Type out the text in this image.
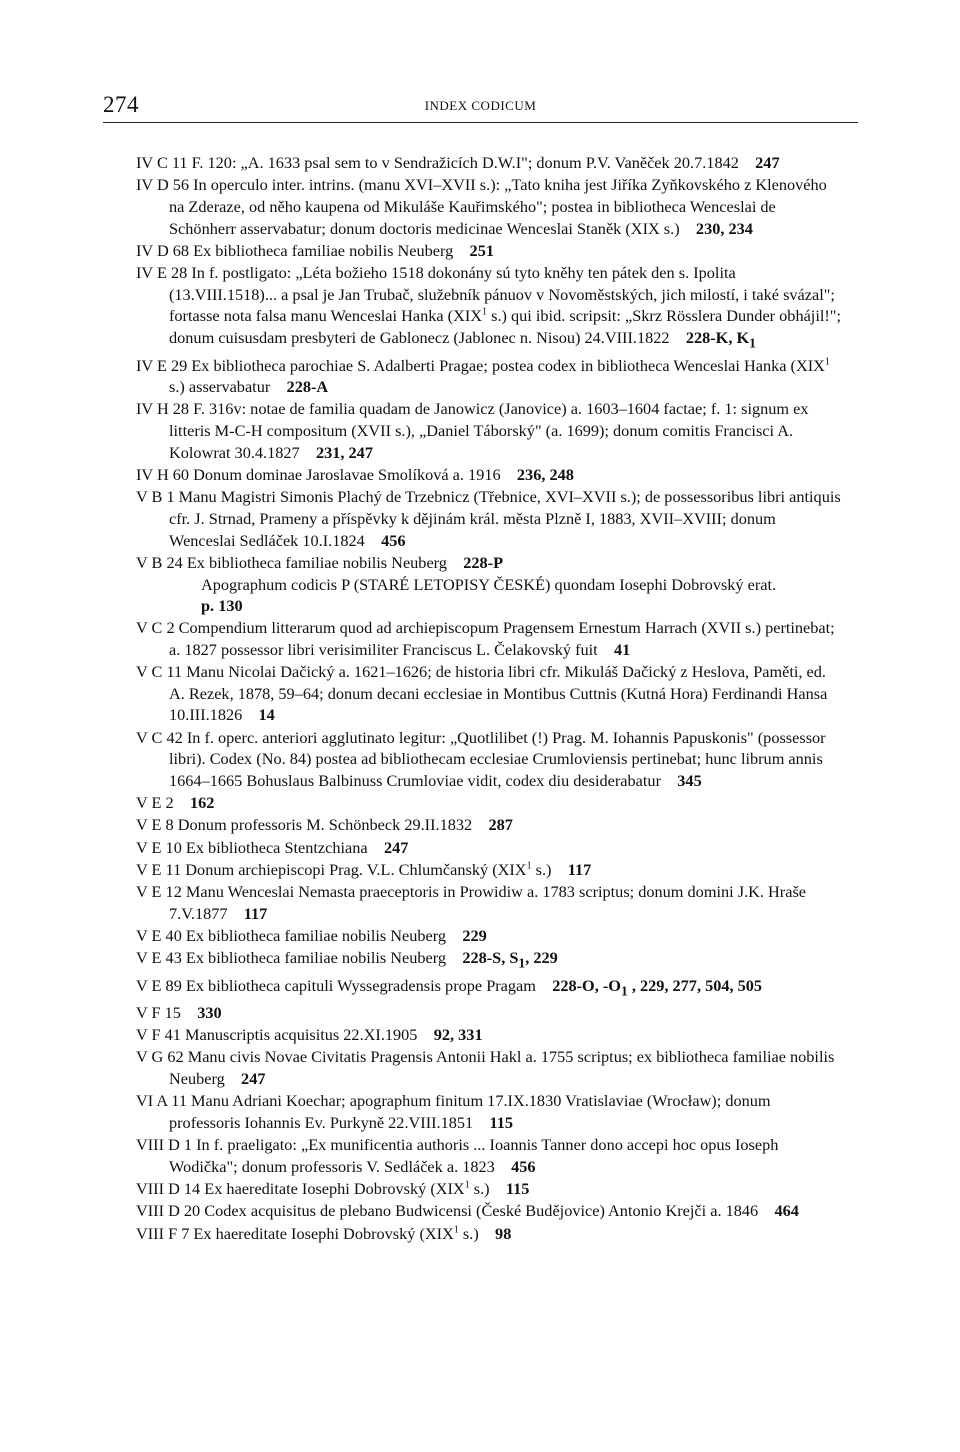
274	INDEX CODICUM

IV C 11 F. 120: „A. 1633 psal sem to v Sendražicích D.W.I"; donum P.V. Vaněček 20.7.1842  247

IV D 56 In operculo inter. intrins. (manu XVI–XVII s.): „Tato kniha jest Jiříka Zyňkovského z Klenového na Zderaze, od něho kaupena od Mikuláše Kauřimského"; postea in bibliotheca Wenceslai de Schönherr asservabatur; donum doctoris medicinae Wenceslai Staněk (XIX s.)  230, 234

IV D 68 Ex bibliotheca familiae nobilis Neuberg  251

IV E 28 In f. postligato: „Léta božieho 1518 dokonány sú tyto kněhy ten pátek den s. Ipolita (13.VIII.1518)... a psal je Jan Trubač, služebník pánuov v Novoměstských, jich milostí, i také svázal"; fortasse nota falsa manu Wenceslai Hanka (XIX$^1$ s.) qui ibid. scripsit: „Skrz Rösslera Dunder obhájil!"; donum cuisusdam presbyteri de Gablonecz (Jablonec n. Nisou) 24.VIII.1822  228-K, $K_1$

IV E 29 Ex bibliotheca parochiae S. Adalberti Pragae; postea codex in bibliotheca Wenceslai Hanka (XIX$^1$ s.) asservabatur  228-A

IV H 28 F. 316v: notae de familia quadam de Janowicz (Janovice) a. 1603–1604 factae; f. 1: signum ex litteris M-C-H compositum (XVII s.), „Daniel Táborský" (a. 1699); donum comitis Francisci A. Kolowrat 30.4.1827  231, 247

IV H 60 Donum dominae Jaroslavae Smolíková a. 1916  236, 248

V B 1 Manu Magistri Simonis Plachý de Trzebnicz (Třebnice, XVI–XVII s.); de possessoribus libri antiquis cfr. J. Strnad, Prameny a příspěvky k dějinám král. města Plzně I, 1883, XVII–XVIII; donum Wenceslai Sedláček 10.I.1824  456

V B 24 Ex bibliotheca familiae nobilis Neuberg  228-P

Apographum codicis P (STARÉ LETOPISY ČESKÉ) quondam Iosephi Dobrovský erat.
p. 130

V C 2 Compendium litterarum quod ad archiepiscopum Pragensem Ernestum Harrach (XVII s.) pertinebat; a. 1827 possessor libri verisimiliter Franciscus L. Čelakovský fuit  41

V C 11 Manu Nicolai Dačický a. 1621–1626; de historia libri cfr. Mikuláš Dačický z Heslova, Paměti, ed. A. Rezek, 1878, 59–64; donum decani ecclesiae in Montibus Cuttnis (Kutná Hora) Ferdinandi Hansa 10.III.1826  14

V C 42 In f. operc. anteriori agglutinato legitur: „Quotlilibet (!) Prag. M. Iohannis Papuskonis" (possessor libri). Codex (No. 84) postea ad bibliothecam ecclesiae Crumloviensis pertinebat; hunc librum annis 1664–1665 Bohuslaus Balbinuss Crumloviae vidit, codex diu desiderabatur  345

V E 2  162

V E 8 Donum professoris M. Schönbeck 29.II.1832  287

V E 10 Ex bibliotheca Stentzchiana  247

V E 11 Donum archiepiscopi Prag. V.L. Chlumčanský (XIX$^1$ s.)  117

V E 12 Manu Wenceslai Nemasta praeceptoris in Prowidiw a. 1783 scriptus; donum domini J.K. Hraše 7.V.1877  117

V E 40 Ex bibliotheca familiae nobilis Neuberg  229

V E 43 Ex bibliotheca familiae nobilis Neuberg  228-S, $S_1$, 229

V E 89 Ex bibliotheca capituli Wyssegradensis prope Pragam  228-O, $-O_1$ , 229, 277, 504, 505

V F 15  330

V F 41 Manuscriptis acquisitus 22.XI.1905  92, 331

V G 62 Manu civis Novae Civitatis Pragensis Antonii Hakl a. 1755 scriptus; ex bibliotheca familiae nobilis Neuberg  247

VI A 11 Manu Adriani Koechar; apographum finitum 17.IX.1830 Vratislaviae (Wrocław); donum professoris Iohannis Ev. Purkyně 22.VIII.1851  115

VIII D 1 In f. praeligato: „Ex munificentia authoris ... Ioannis Tanner dono accepi hoc opus Ioseph Wodička"; donum professoris V. Sedláček a. 1823  456

VIII D 14 Ex haereditate Iosephi Dobrovský (XIX$^1$ s.)  115

VIII D 20 Codex acquisitus de plebano Budwicensi (České Budějovice) Antonio Krejči a. 1846  464

VIII F 7 Ex haereditate Iosephi Dobrovský (XIX$^1$ s.)  98
